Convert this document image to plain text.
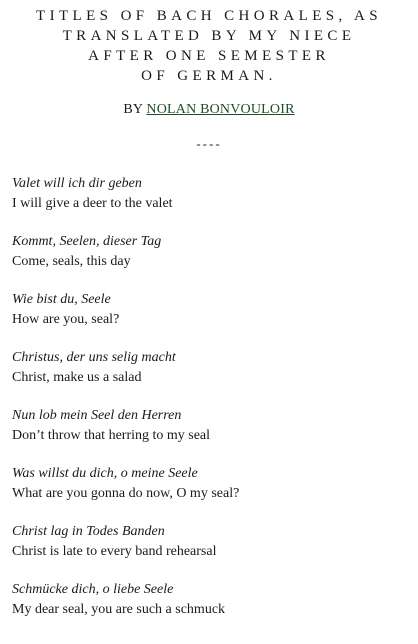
TITLES OF BACH CHORALES, AS
TRANSLATED BY MY NIECE
AFTER ONE SEMESTER
OF GERMAN.
BY NOLAN BONVOULOIR
----
Valet will ich dir geben
I will give a deer to the valet
Kommt, Seelen, dieser Tag
Come, seals, this day
Wie bist du, Seele
How are you, seal?
Christus, der uns selig macht
Christ, make us a salad
Nun lob mein Seel den Herren
Don’t throw that herring to my seal
Was willst du dich, o meine Seele
What are you gonna do now, O my seal?
Christ lag in Todes Banden
Christ is late to every band rehearsal
Schmücke dich, o liebe Seele
My dear seal, you are such a schmuck
